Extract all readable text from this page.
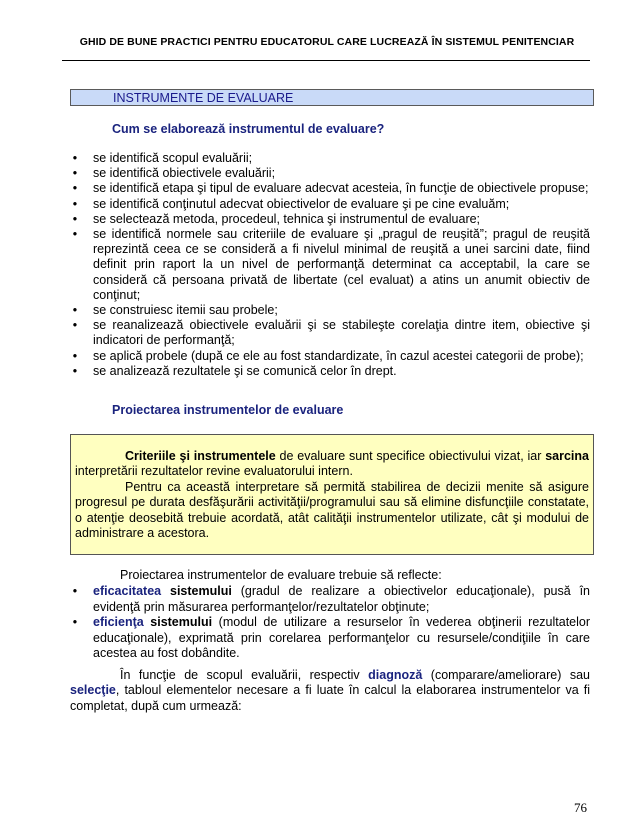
GHID DE BUNE PRACTICI PENTRU EDUCATORUL CARE LUCREAZĂ ÎN SISTEMUL PENITENCIAR
INSTRUMENTE DE EVALUARE
Cum se elaborează instrumentul de evaluare?
• se identifică scopul evaluării;
• se identifică obiectivele evaluării;
• se identifică etapa şi tipul de evaluare adecvat acesteia, în funcţie de obiectivele propuse;
• se identifică conţinutul adecvat obiectivelor de evaluare şi pe cine evaluăm;
• se selectează metoda, procedeul, tehnica şi instrumentul de evaluare;
• se identifică normele sau criteriile de evaluare şi „pragul de reuşită”; pragul de reuşită reprezintă ceea ce se consideră a fi nivelul minimal de reuşită a unei sarcini date, fiind definit prin raport la un nivel de performanţă determinat ca acceptabil, la care se consideră că persoana privată de libertate (cel evaluat) a atins un anumit obiectiv de conţinut;
• se construiesc itemii sau probele;
• se reanalizează obiectivele evaluării şi se stabileşte corelaţia dintre item, obiective şi indicatori de performanţă;
• se aplică probele (după ce ele au fost standardizate, în cazul acestei categorii de probe);
• se analizează rezultatele şi se comunică celor în drept.
Proiectarea instrumentelor de evaluare

Criteriile şi instrumentele de evaluare sunt specifice obiectivului vizat, iar sarcina interpretării rezultatelor revine evaluatorului intern.

Pentru ca această interpretare să permită stabilirea de decizii menite să asigure progresul pe durata desfăşurării activităţii/programului sau să elimine disfuncţiile constatate, o atenţie deosebită trebuie acordată, atât calităţii instrumentelor utilizate, cât şi modului de administrare a acestora.

Proiectarea instrumentelor de evaluare trebuie să reflecte:

• eficacitatea sistemului (gradul de realizare a obiectivelor educaţionale), pusă în evidenţă prin măsurarea performanţelor/rezultatelor obţinute;
• eficienţa sistemului (modul de utilizare a resurselor în vederea obţinerii rezultatelor educaţionale), exprimată prin corelarea performanţelor cu resursele/condiţiile în care acestea au fost dobândite.

În funcţie de scopul evaluării, respectiv diagnoză (comparare/ameliorare) sau selecţie, tabloul elementelor necesare a fi luate în calcul la elaborarea instrumentelor va fi completat, după cum urmează:

76
